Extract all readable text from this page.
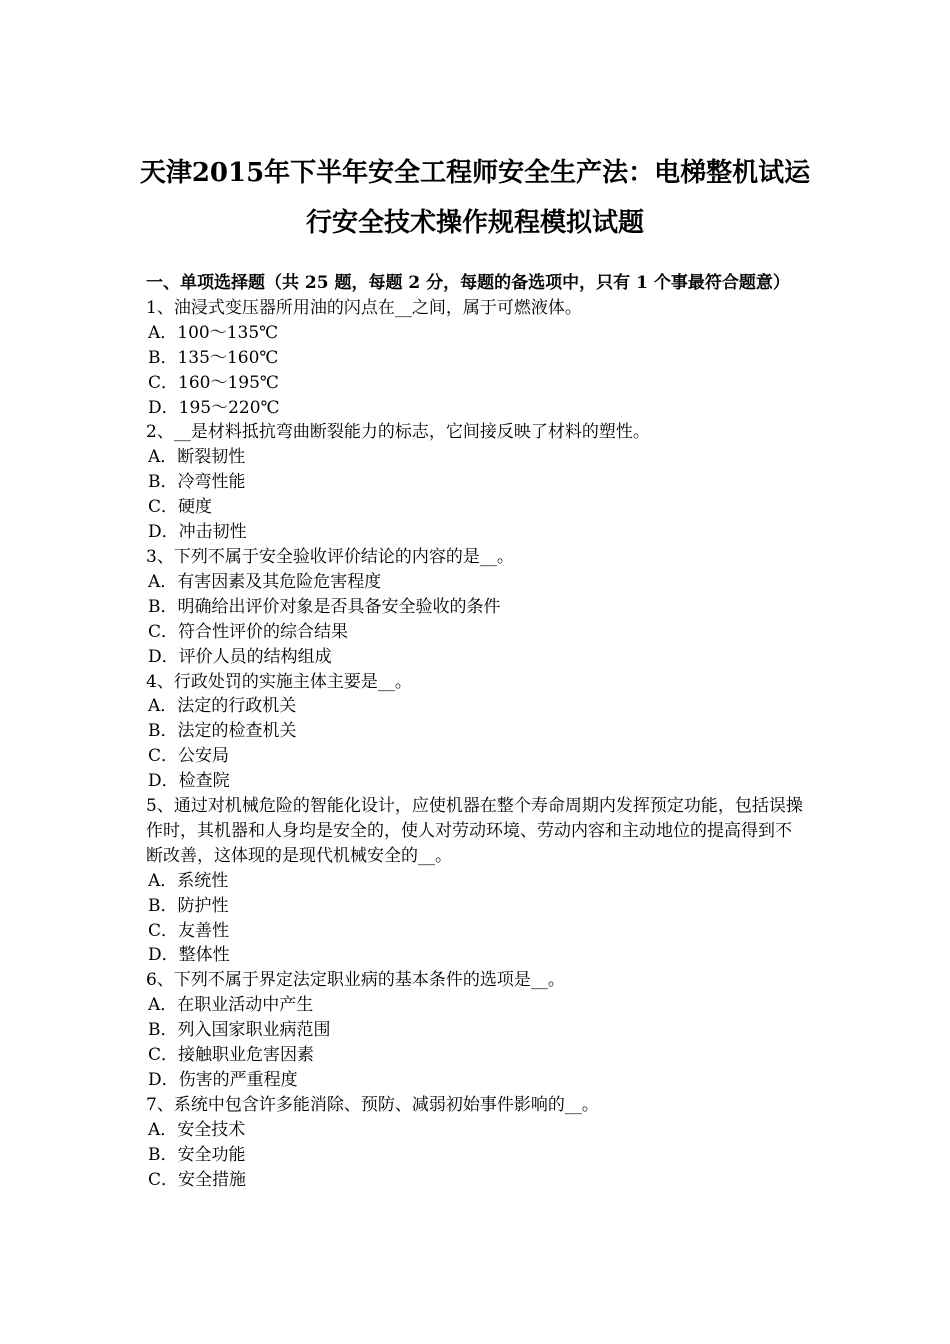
天津2015年下半年安全工程师安全生产法：电梯整机试运
行安全技术操作规程模拟试题

一、单项选择题（共 25 题，每题 2 分，每题的备选项中，只有 1 个事最符合题意）

1、油浸式变压器所用油的闪点在__之间，属于可燃液体。
A．100～135℃
B．135～160℃
C．160～195℃
D．195～220℃
2、__是材料抵抗弯曲断裂能力的标志，它间接反映了材料的塑性。
A．断裂韧性
B．冷弯性能
C．硬度
D．冲击韧性
3、下列不属于安全验收评价结论的内容的是__。
A．有害因素及其危险危害程度
B．明确给出评价对象是否具备安全验收的条件
C．符合性评价的综合结果
D．评价人员的结构组成
4、行政处罚的实施主体主要是__。
A．法定的行政机关
B．法定的检查机关
C．公安局
D．检查院
5、通过对机械危险的智能化设计，应使机器在整个寿命周期内发挥预定功能，包括误操作时，其机器和人身均是安全的，使人对劳动环境、劳动内容和主动地位的提高得到不断改善，这体现的是现代机械安全的__。
A．系统性
B．防护性
C．友善性
D．整体性
6、下列不属于界定法定职业病的基本条件的选项是__。
A．在职业活动中产生
B．列入国家职业病范围
C．接触职业危害因素
D．伤害的严重程度
7、系统中包含许多能消除、预防、减弱初始事件影响的__。
A．安全技术
B．安全功能
C．安全措施
